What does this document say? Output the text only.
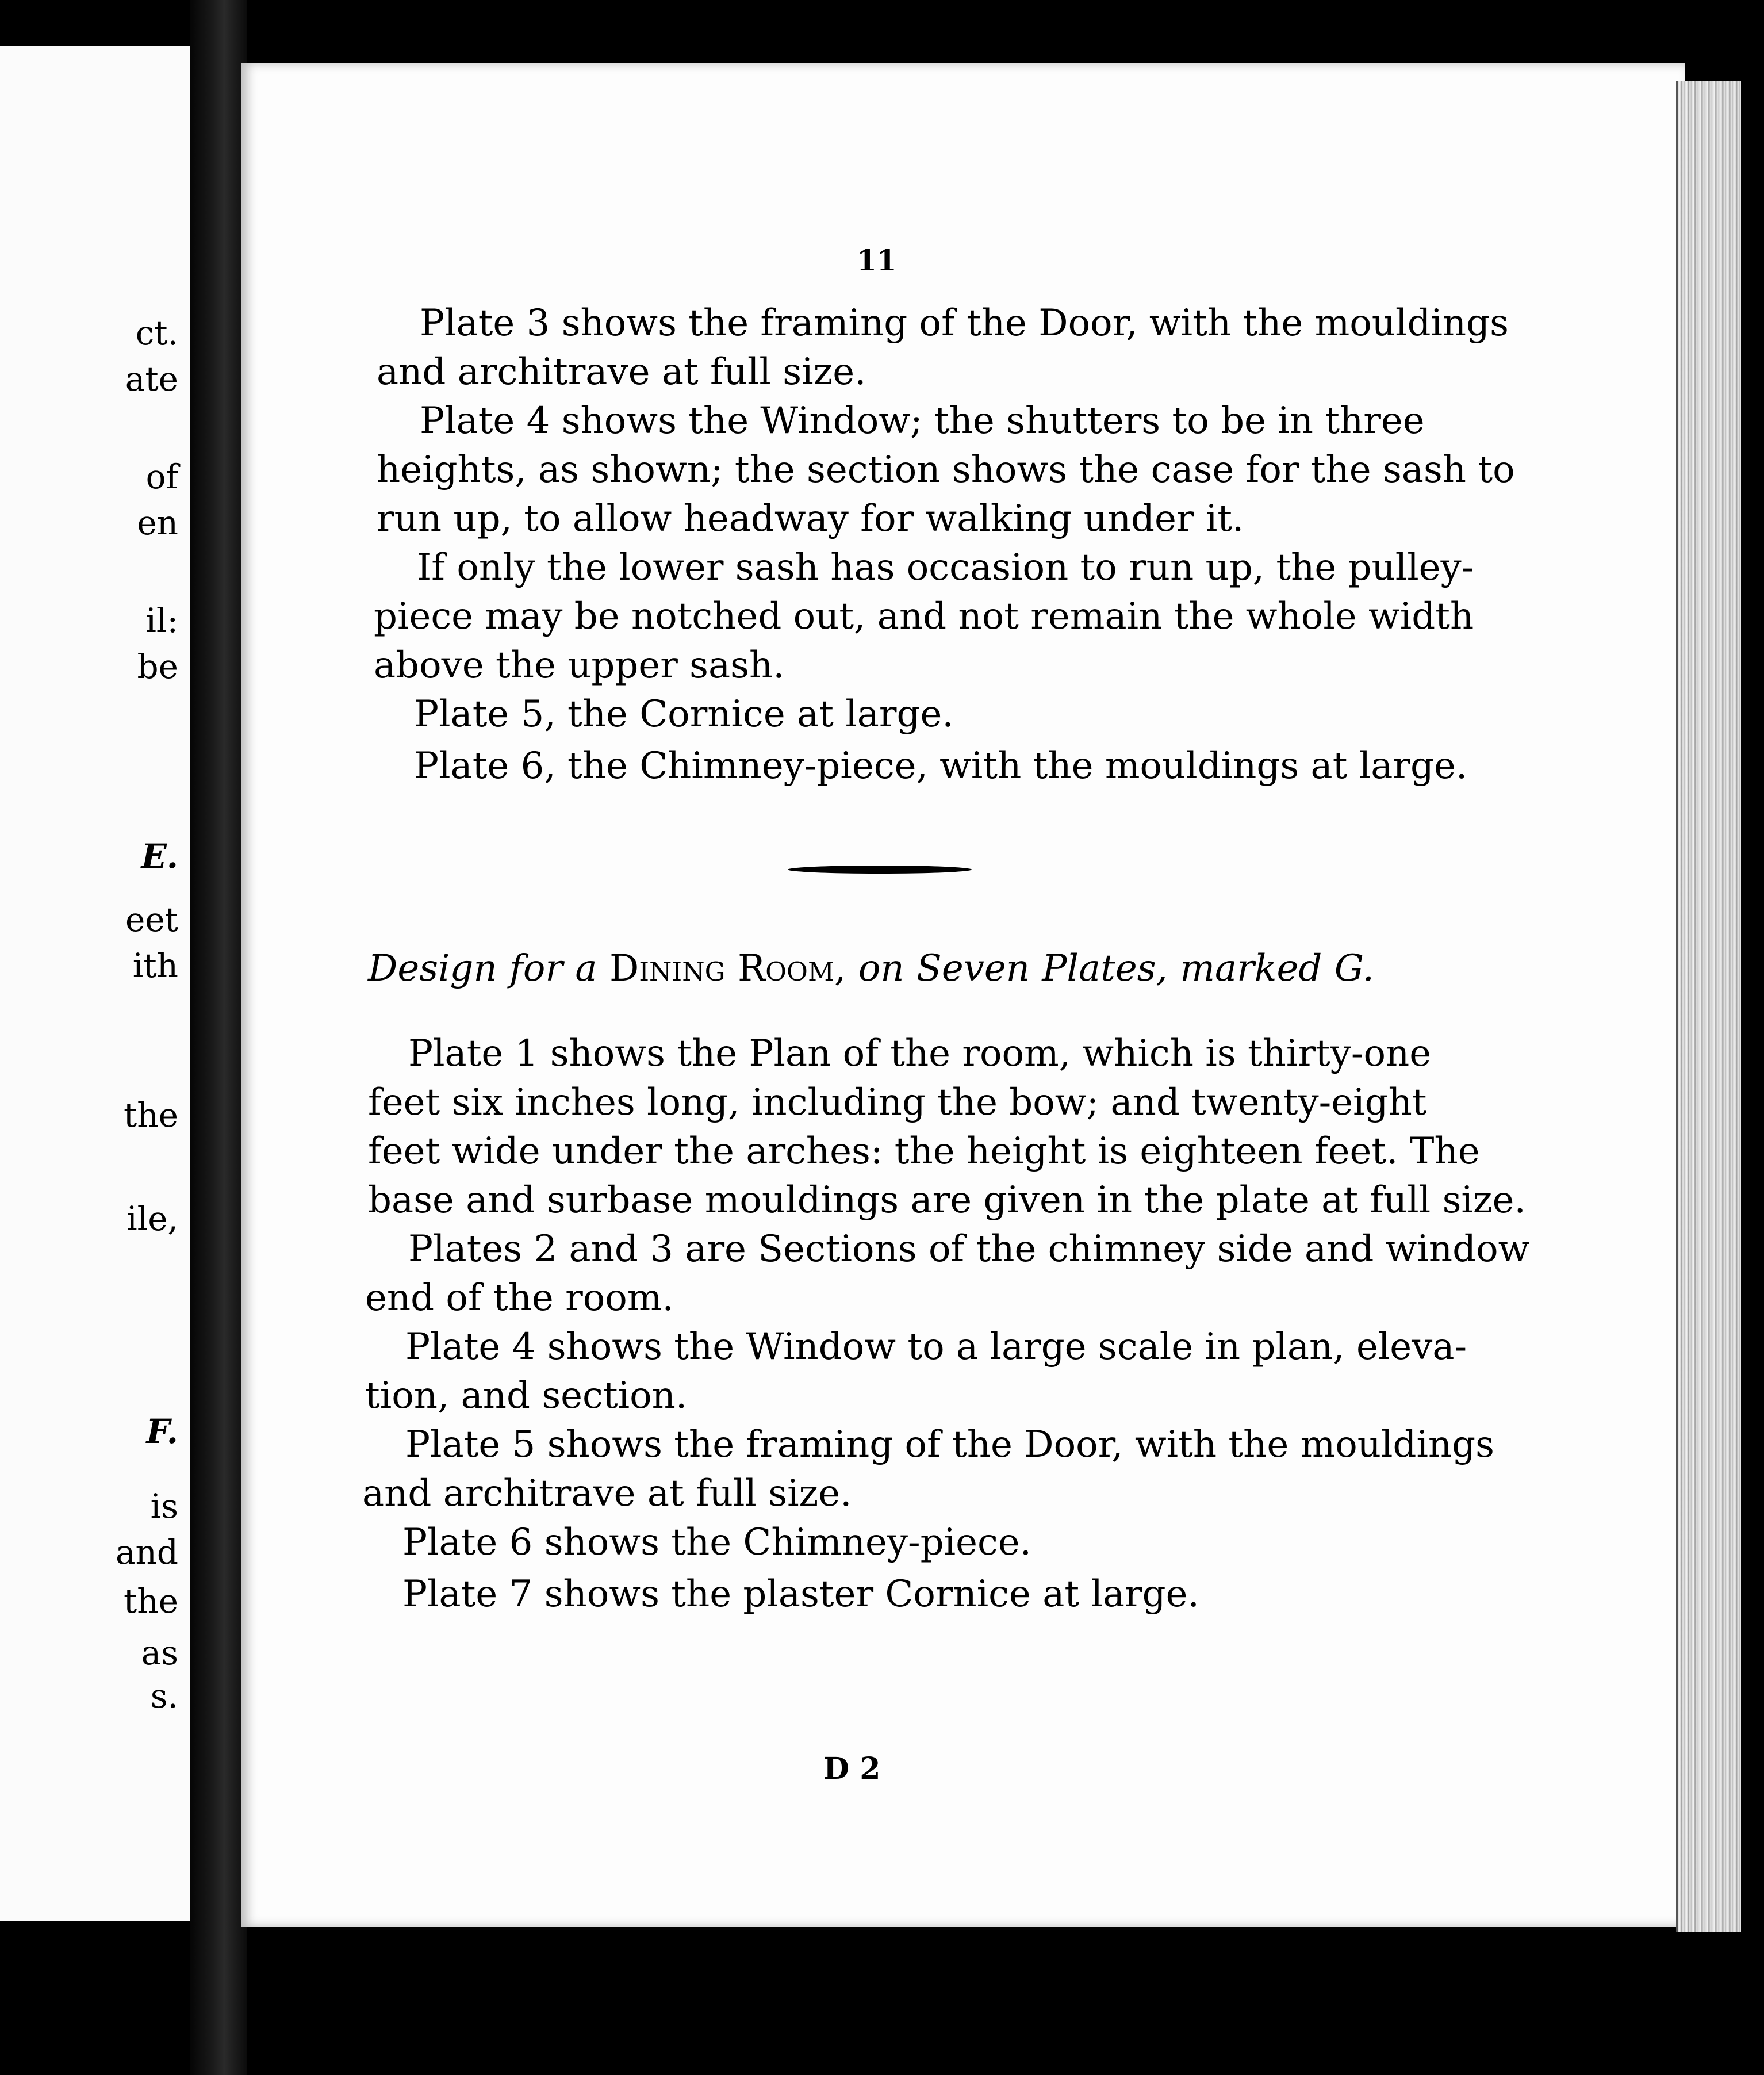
ct.
ate
of
en
il:
be
E.
eet
ith
the
ile,
F.
is
and
the
as
s.
11
Plate 3 shows the framing of the Door, with the mouldings
and architrave at full size.
Plate 4 shows the Window; the shutters to be in three
heights, as shown; the section shows the case for the sash to
run up, to allow headway for walking under it.
If only the lower sash has occasion to run up, the pulley-
piece may be notched out, and not remain the whole width
above the upper sash.
Plate 5, the Cornice at large.
Plate 6, the Chimney-piece, with the mouldings at large.
Design for a Dining Room, on Seven Plates, marked G.
Plate 1 shows the Plan of the room, which is thirty-one
feet six inches long, including the bow; and twenty-eight
feet wide under the arches: the height is eighteen feet. The
base and surbase mouldings are given in the plate at full size.
Plates 2 and 3 are Sections of the chimney side and window
end of the room.
Plate 4 shows the Window to a large scale in plan, eleva-
tion, and section.
Plate 5 shows the framing of the Door, with the mouldings
and architrave at full size.
Plate 6 shows the Chimney-piece.
Plate 7 shows the plaster Cornice at large.
D 2
